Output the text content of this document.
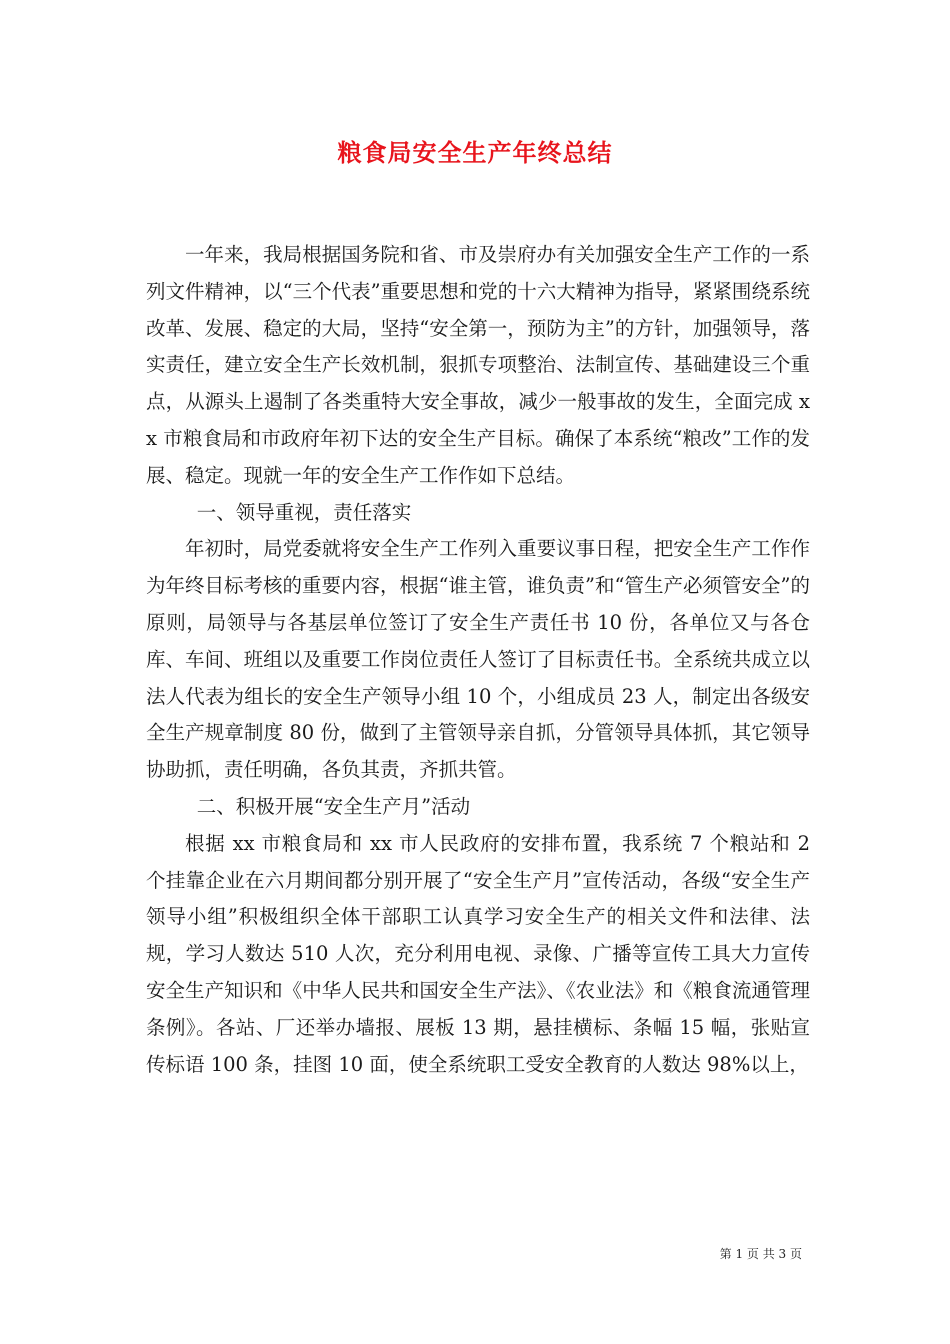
粮食局安全生产年终总结

一年来，我局根据国务院和省、市及崇府办有关加强安全生产工作的一系列文件精神，以“三个代表”重要思想和党的十六大精神为指导，紧紧围绕系统改革、发展、稳定的大局，坚持“安全第一，预防为主”的方针，加强领导，落实责任，建立安全生产长效机制，狠抓专项整治、法制宣传、基础建设三个重点，从源头上遏制了各类重特大安全事故，减少一般事故的发生，全面完成 xx 市粮食局和市政府年初下达的安全生产目标。确保了本系统“粮改”工作的发展、稳定。现就一年的安全生产工作作如下总结。

一、领导重视，责任落实

年初时，局党委就将安全生产工作列入重要议事日程，把安全生产工作作为年终目标考核的重要内容，根据“谁主管，谁负责”和“管生产必须管安全”的原则，局领导与各基层单位签订了安全生产责任书 10 份，各单位又与各仓库、车间、班组以及重要工作岗位责任人签订了目标责任书。全系统共成立以法人代表为组长的安全生产领导小组 10 个，小组成员 23 人，制定出各级安全生产规章制度 80 份，做到了主管领导亲自抓，分管领导具体抓，其它领导协助抓，责任明确，各负其责，齐抓共管。

二、积极开展“安全生产月”活动

根据 xx 市粮食局和 xx 市人民政府的安排布置，我系统 7 个粮站和 2 个挂靠企业在六月期间都分别开展了“安全生产月”宣传活动，各级“安全生产领导小组”积极组织全体干部职工认真学习安全生产的相关文件和法律、法规，学习人数达 510 人次，充分利用电视、录像、广播等宣传工具大力宣传安全生产知识和《中华人民共和国安全生产法》、《农业法》和《粮食流通管理条例》。各站、厂还举办墙报、展板 13 期，悬挂横标、条幅 15 幅，张贴宣传标语 100 条，挂图 10 面，使全系统职工受安全教育的人数达 98%以上，

第 1 页 共 3 页
